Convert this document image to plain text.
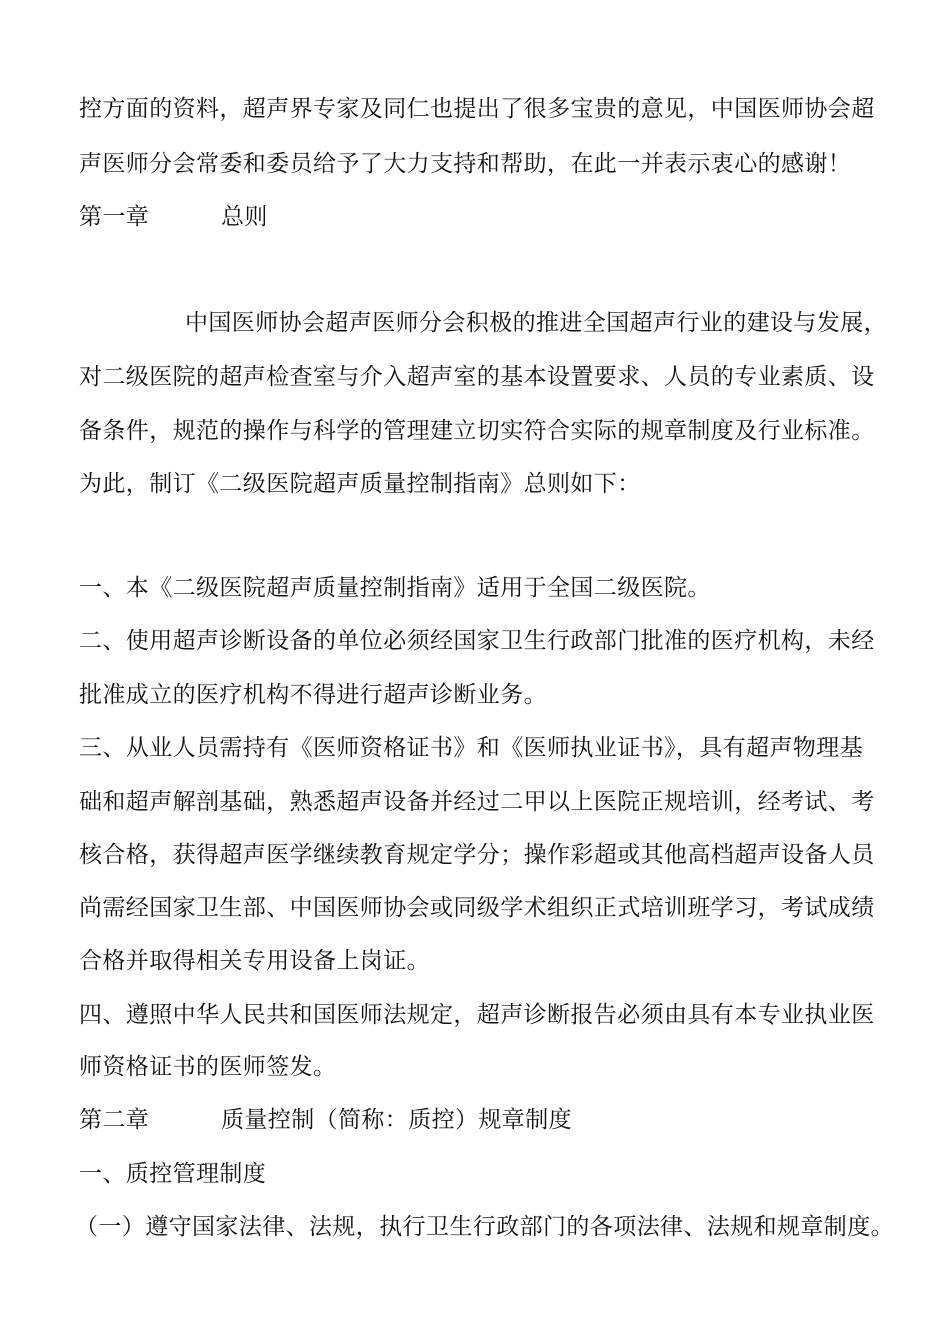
控方面的资料，超声界专家及同仁也提出了很多宝贵的意见，中国医师协会超
声医师分会常委和委员给予了大力支持和帮助，在此一并表示衷心的感谢！
第一章	总则
中国医师协会超声医师分会积极的推进全国超声行业的建设与发展，
对二级医院的超声检查室与介入超声室的基本设置要求、人员的专业素质、设
备条件，规范的操作与科学的管理建立切实符合实际的规章制度及行业标准。
为此，制订《二级医院超声质量控制指南》总则如下：
一、本《二级医院超声质量控制指南》适用于全国二级医院。
二、使用超声诊断设备的单位必须经国家卫生行政部门批准的医疗机构，未经
批准成立的医疗机构不得进行超声诊断业务。
三、从业人员需持有《医师资格证书》和《医师执业证书》，具有超声物理基
础和超声解剖基础，熟悉超声设备并经过二甲以上医院正规培训，经考试、考
核合格，获得超声医学继续教育规定学分；操作彩超或其他高档超声设备人员
尚需经国家卫生部、中国医师协会或同级学术组织正式培训班学习，考试成绩
合格并取得相关专用设备上岗证。
四、遵照中华人民共和国医师法规定，超声诊断报告必须由具有本专业执业医
师资格证书的医师签发。
第二章	质量控制（简称：质控）规章制度
一、质控管理制度
（一）遵守国家法律、法规，执行卫生行政部门的各项法律、法规和规章制度。
